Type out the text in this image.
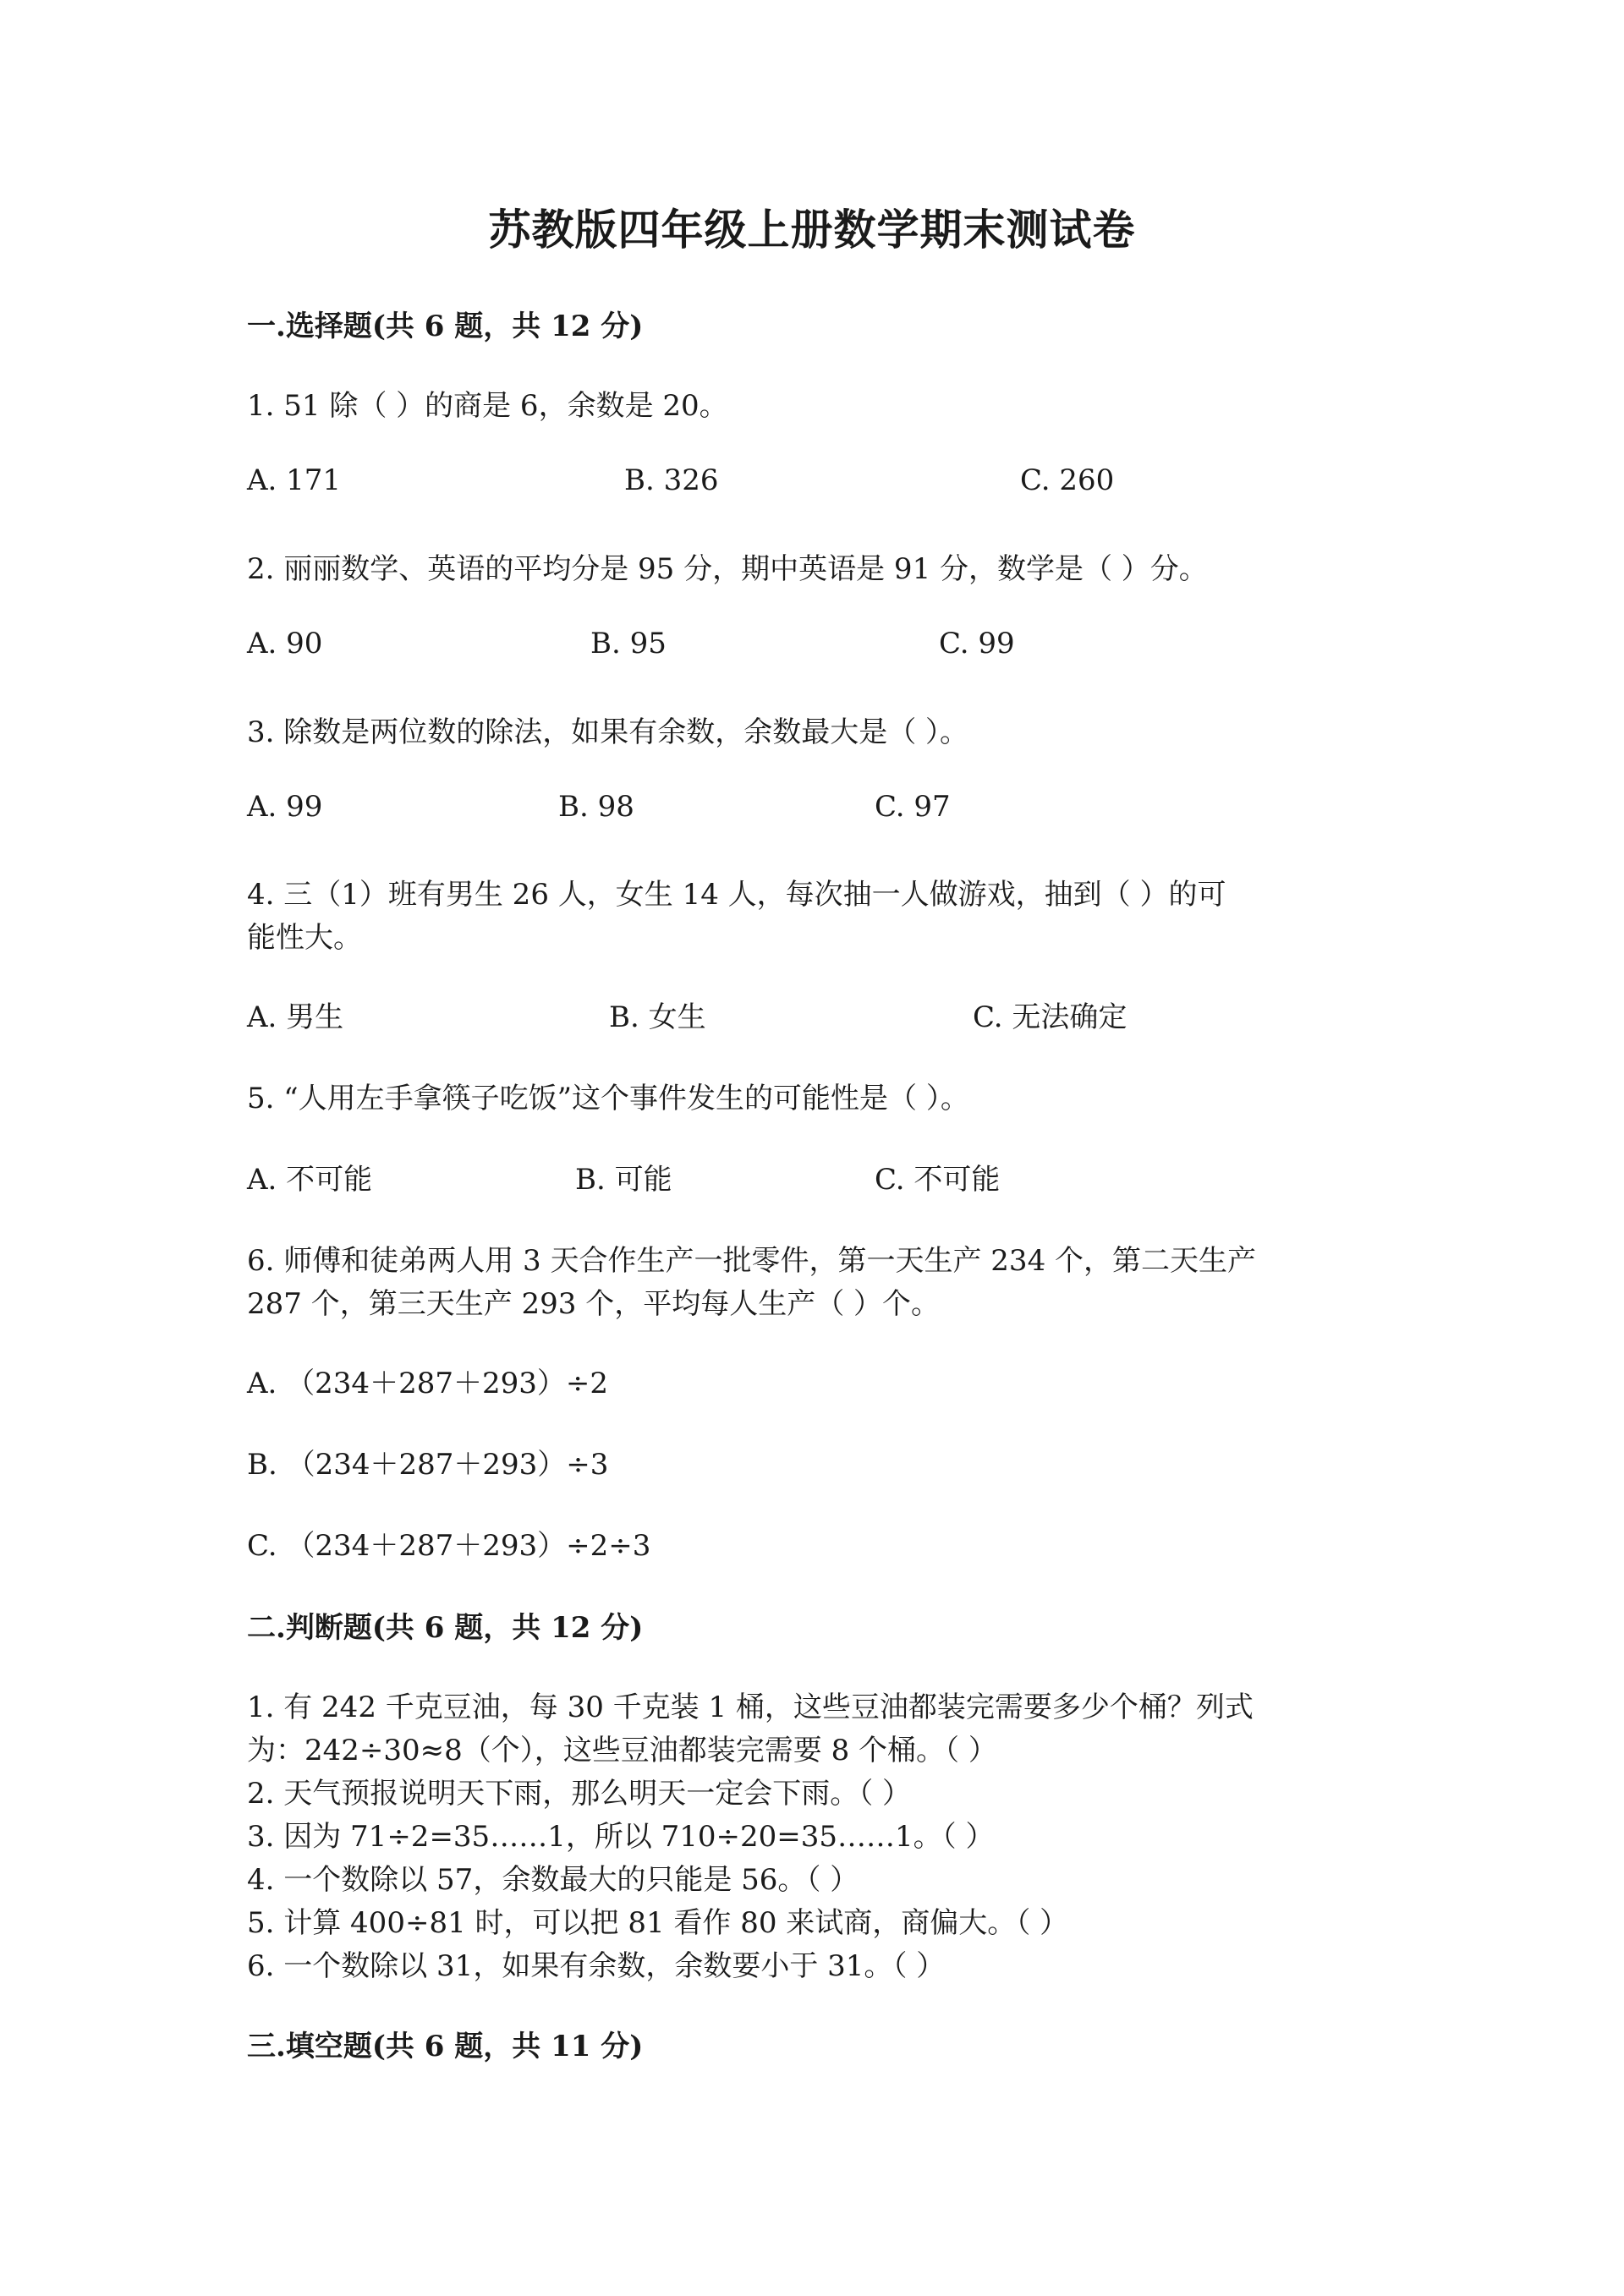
苏教版四年级上册数学期末测试卷
一.选择题(共 6 题，共 12 分)
1. 51 除（ ）的商是 6，余数是 20。
A. 171	B. 326	C. 260
2. 丽丽数学、英语的平均分是 95 分，期中英语是 91 分，数学是（ ）分。
A. 90	B. 95	C. 99
3. 除数是两位数的除法，如果有余数，余数最大是（ ）。
A. 99	B. 98	C. 97
4. 三（1）班有男生 26 人，女生 14 人，每次抽一人做游戏，抽到（ ）的可
能性大。
A. 男生	B. 女生	C. 无法确定
5. “人用左手拿筷子吃饭”这个事件发生的可能性是（ ）。
A. 不可能	B. 可能	C. 不可能
6. 师傅和徒弟两人用 3 天合作生产一批零件，第一天生产 234 个，第二天生产
287 个，第三天生产 293 个，平均每人生产（ ）个。
A. （234＋287＋293）÷2
B. （234＋287＋293）÷3
C. （234＋287＋293）÷2÷3
二.判断题(共 6 题，共 12 分)
1. 有 242 千克豆油，每 30 千克装 1 桶，这些豆油都装完需要多少个桶？列式
为：242÷30≈8（个），这些豆油都装完需要 8 个桶。（ ）
2. 天气预报说明天下雨，那么明天一定会下雨。（ ）
3. 因为 71÷2=35……1，所以 710÷20=35……1。（ ）
4. 一个数除以 57，余数最大的只能是 56。（ ）
5. 计算 400÷81 时，可以把 81 看作 80 来试商，商偏大。（ ）
6. 一个数除以 31，如果有余数，余数要小于 31。（ ）
三.填空题(共 6 题，共 11 分)
